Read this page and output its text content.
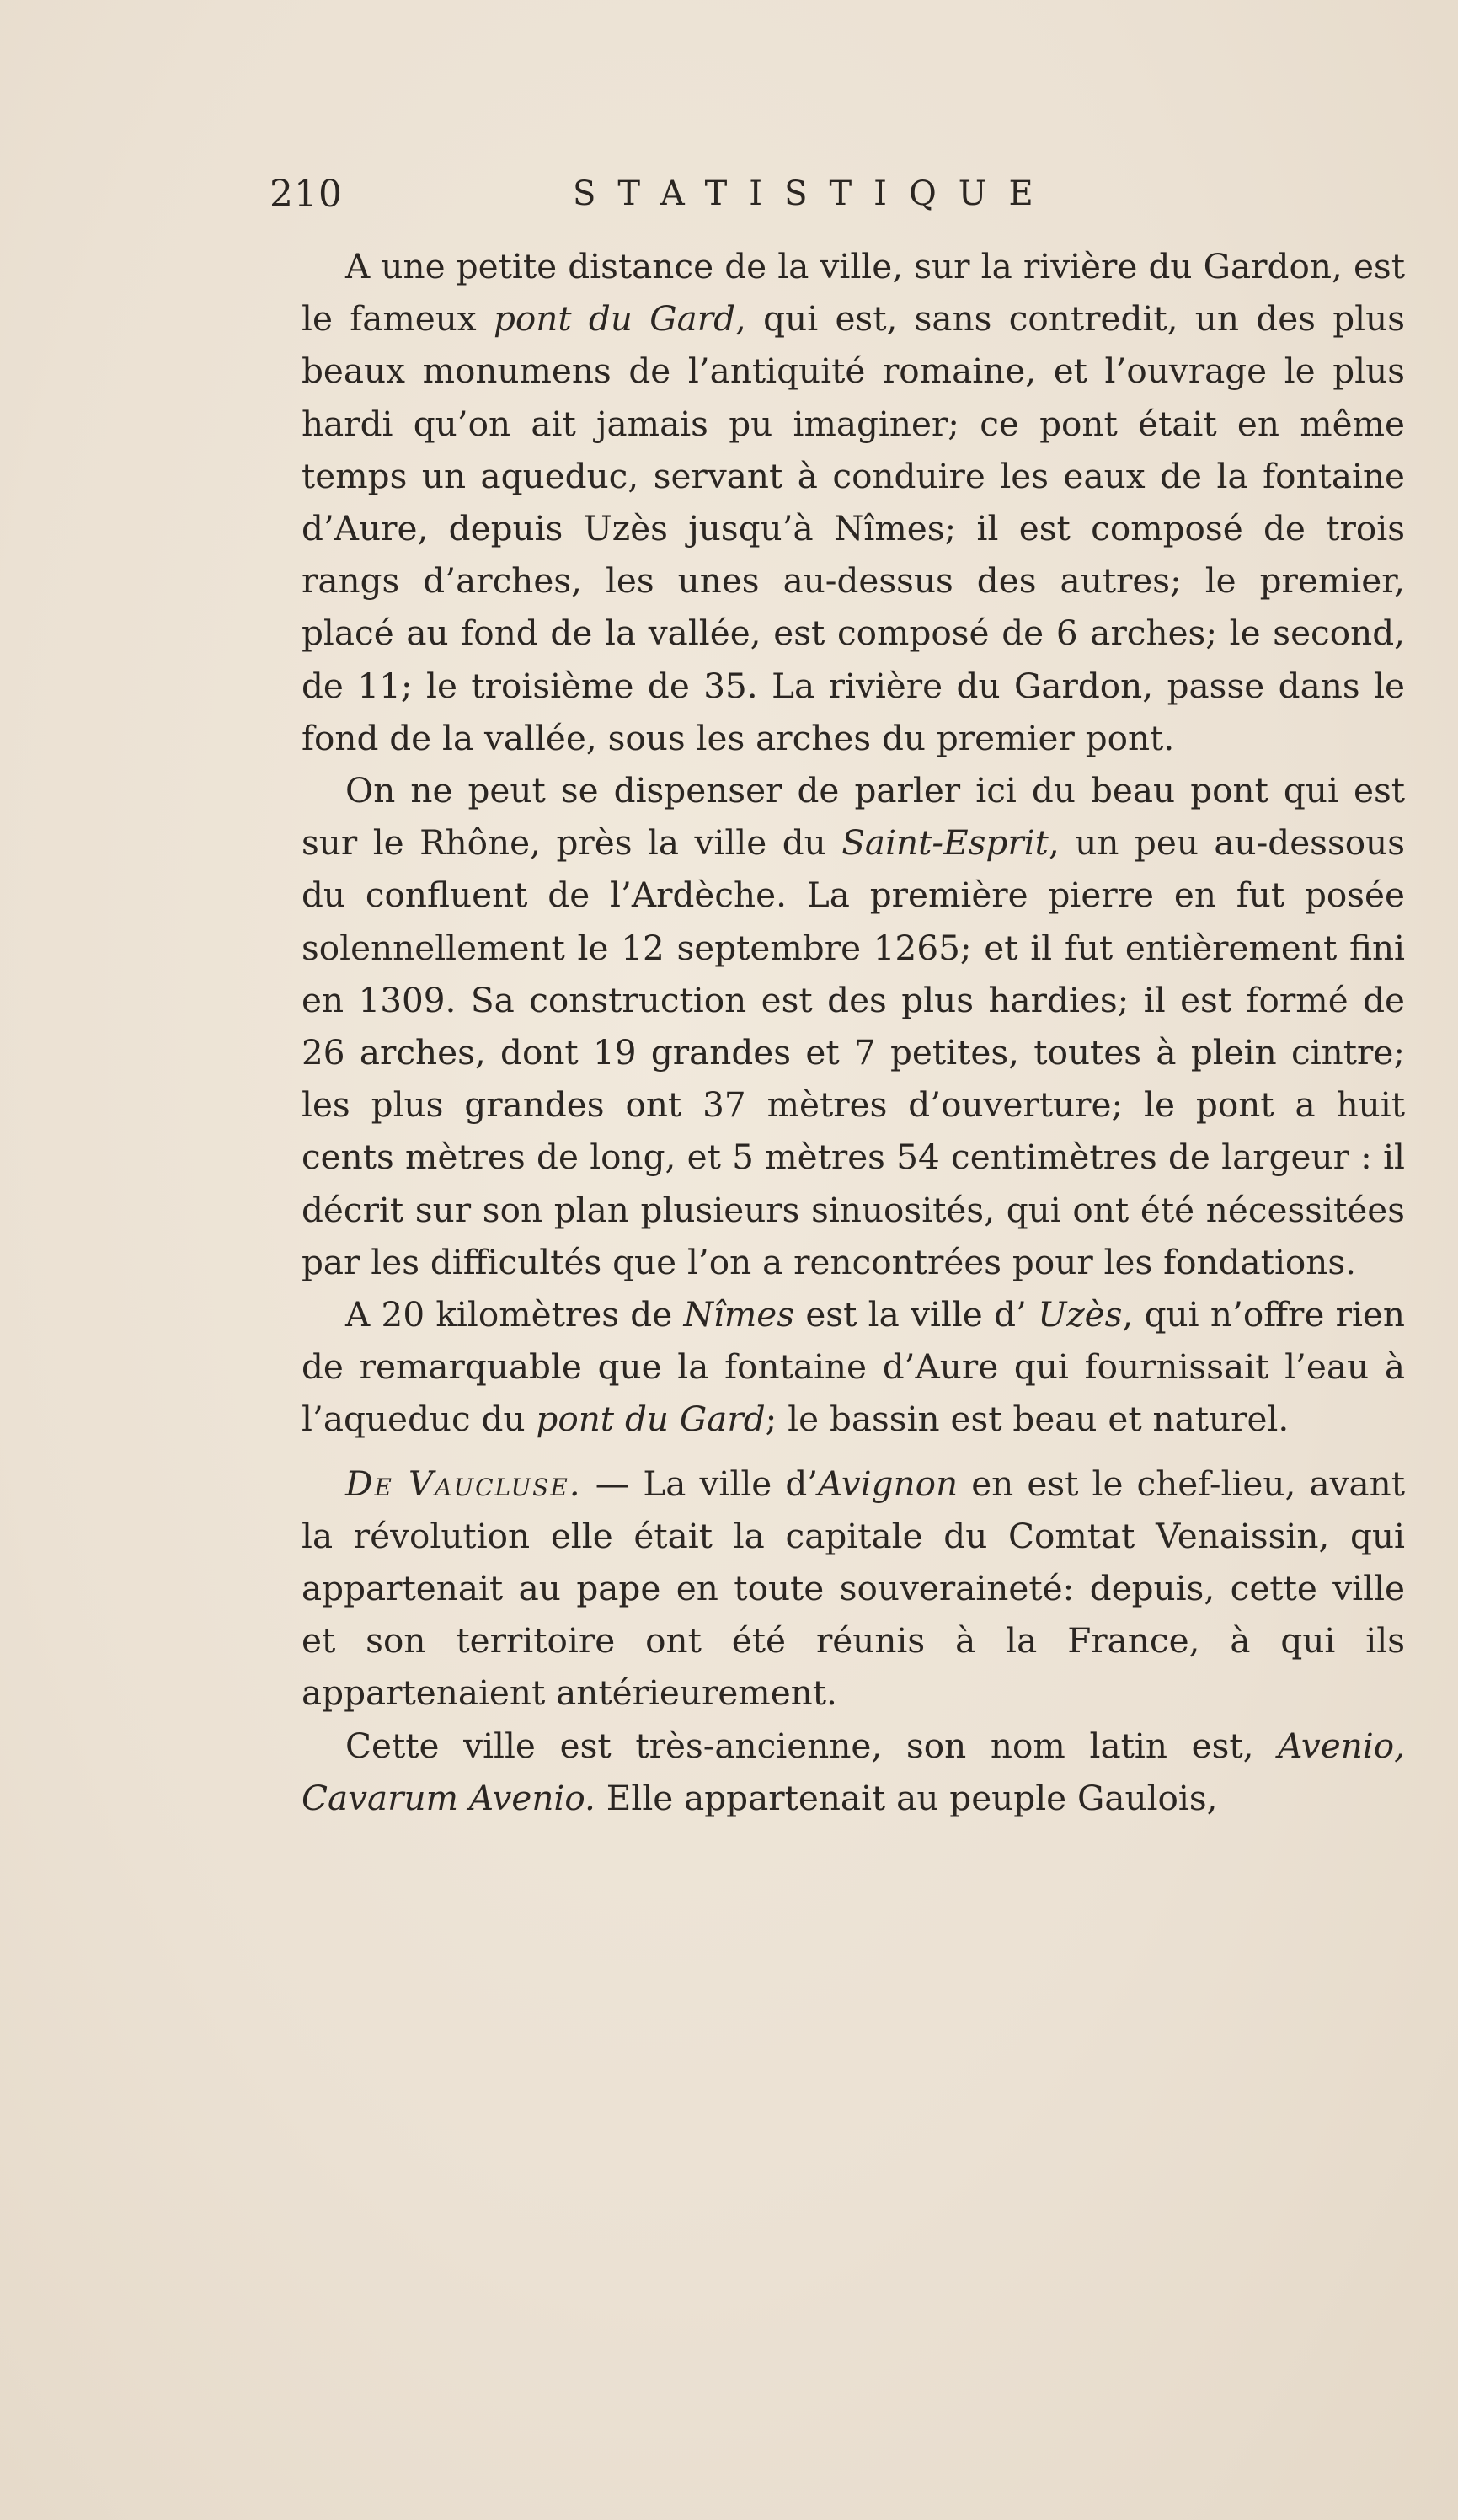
210	STATISTIQUE

A une petite distance de la ville, sur la rivière du Gardon, est le fameux pont du Gard, qui est, sans contredit, un des plus beaux monumens de l’antiquité romaine, et l’ouvrage le plus hardi qu’on ait jamais pu imaginer; ce pont était en même temps un aqueduc, servant à conduire les eaux de la fontaine d’Aure, depuis Uzès jusqu’à Nîmes; il est composé de trois rangs d’arches, les unes au-dessus des autres; le premier, placé au fond de la vallée, est composé de 6 arches; le second, de 11; le troisième de 35. La rivière du Gardon, passe dans le fond de la vallée, sous les arches du premier pont.

On ne peut se dispenser de parler ici du beau pont qui est sur le Rhône, près la ville du Saint-Esprit, un peu au-dessous du confluent de l’Ardèche. La première pierre en fut posée solennellement le 12 septembre 1265; et il fut entièrement fini en 1309. Sa construction est des plus hardies; il est formé de 26 arches, dont 19 grandes et 7 petites, toutes à plein cintre; les plus grandes ont 37 mètres d’ouverture; le pont a huit cents mètres de long, et 5 mètres 54 centimètres de largeur : il décrit sur son plan plusieurs sinuosités, qui ont été nécessitées par les difficultés que l’on a rencontrées pour les fondations.

A 20 kilomètres de Nîmes est la ville d’ Uzès, qui n’offre rien de remarquable que la fontaine d’Aure qui fournissait l’eau à l’aqueduc du pont du Gard; le bassin est beau et naturel.

De Vaucluse. — La ville d’Avignon en est le chef-lieu, avant la révolution elle était la capitale du Comtat Venaissin, qui appartenait au pape en toute souveraineté: depuis, cette ville et son territoire ont été réunis à la France, à qui ils appartenaient antérieurement.

Cette ville est très-ancienne, son nom latin est, Avenio, Cavarum Avenio. Elle appartenait au peuple Gaulois,
